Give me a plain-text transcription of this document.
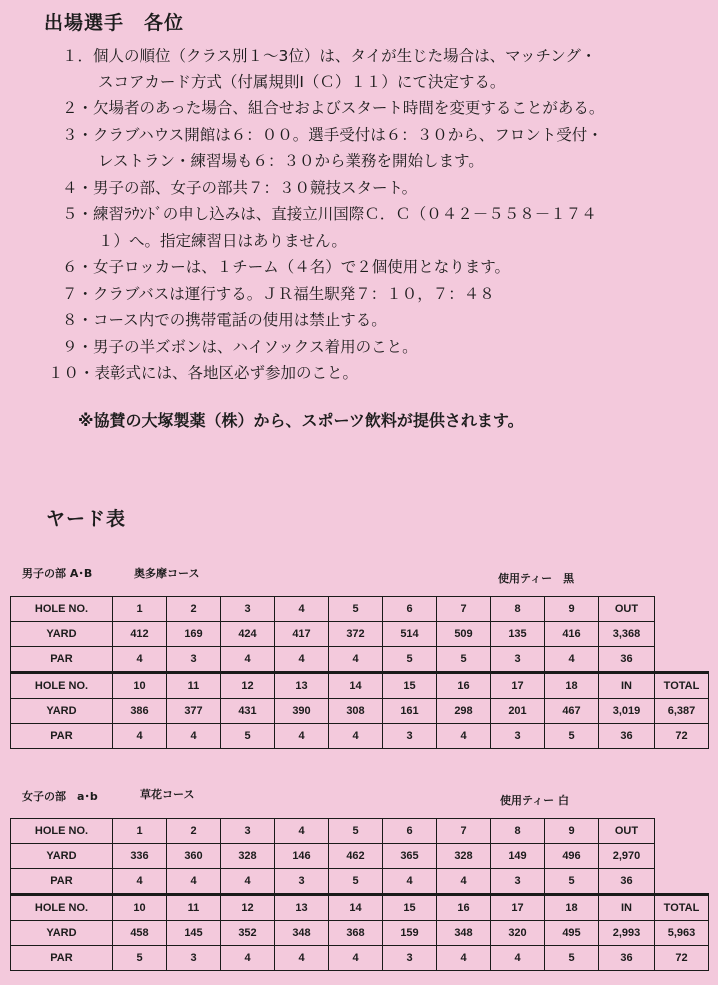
出場選手　各位
１．個人の順位（クラス別１～3位）は、タイが生じた場合は、マッチング・
スコアカード方式（付属規則Ⅰ（Ｃ）１１）にて決定する。
２・欠場者のあった場合、組合せおよびスタート時間を変更することがある。
３・クラブハウス開館は６：００。選手受付は６：３０から、フロント受付・
レストラン・練習場も６：３０から業務を開始します。
４・男子の部、女子の部共７：３０競技スタート。
５・練習ﾗｳﾝﾄﾞの申し込みは、直接立川国際Ｃ．Ｃ（０４２－５５８－１７４
１）へ。指定練習日はありません。
６・女子ロッカーは、１チーム（４名）で２個使用となります。
７・クラブバスは運行する。ＪＲ福生駅発７：１０，７：４８
８・コース内での携帯電話の使用は禁止する。
９・男子の半ズボンは、ハイソックス着用のこと。
１０・表彰式には、各地区必ず参加のこと。
※協賛の大塚製薬（株）から、スポーツ飲料が提供されます。
ヤード表
男子の部 A･B	奥多摩コース	使用ティー　黒
HOLE NO.	1	2	3	4	5	6	7	8	9	OUT	
YARD	412	169	424	417	372	514	509	135	416	3,368	
PAR	4	3	4	4	4	5	5	3	4	36	
HOLE NO.	10	11	12	13	14	15	16	17	18	IN	TOTAL
YARD	386	377	431	390	308	161	298	201	467	3,019	6,387
PAR	4	4	5	4	4	3	4	3	5	36	72
女子の部　a･b	草花コース	使用ティー 白
HOLE NO.	1	2	3	4	5	6	7	8	9	OUT	
YARD	336	360	328	146	462	365	328	149	496	2,970	
PAR	4	4	4	3	5	4	4	3	5	36	
HOLE NO.	10	11	12	13	14	15	16	17	18	IN	TOTAL
YARD	458	145	352	348	368	159	348	320	495	2,993	5,963
PAR	5	3	4	4	4	3	4	4	5	36	72
